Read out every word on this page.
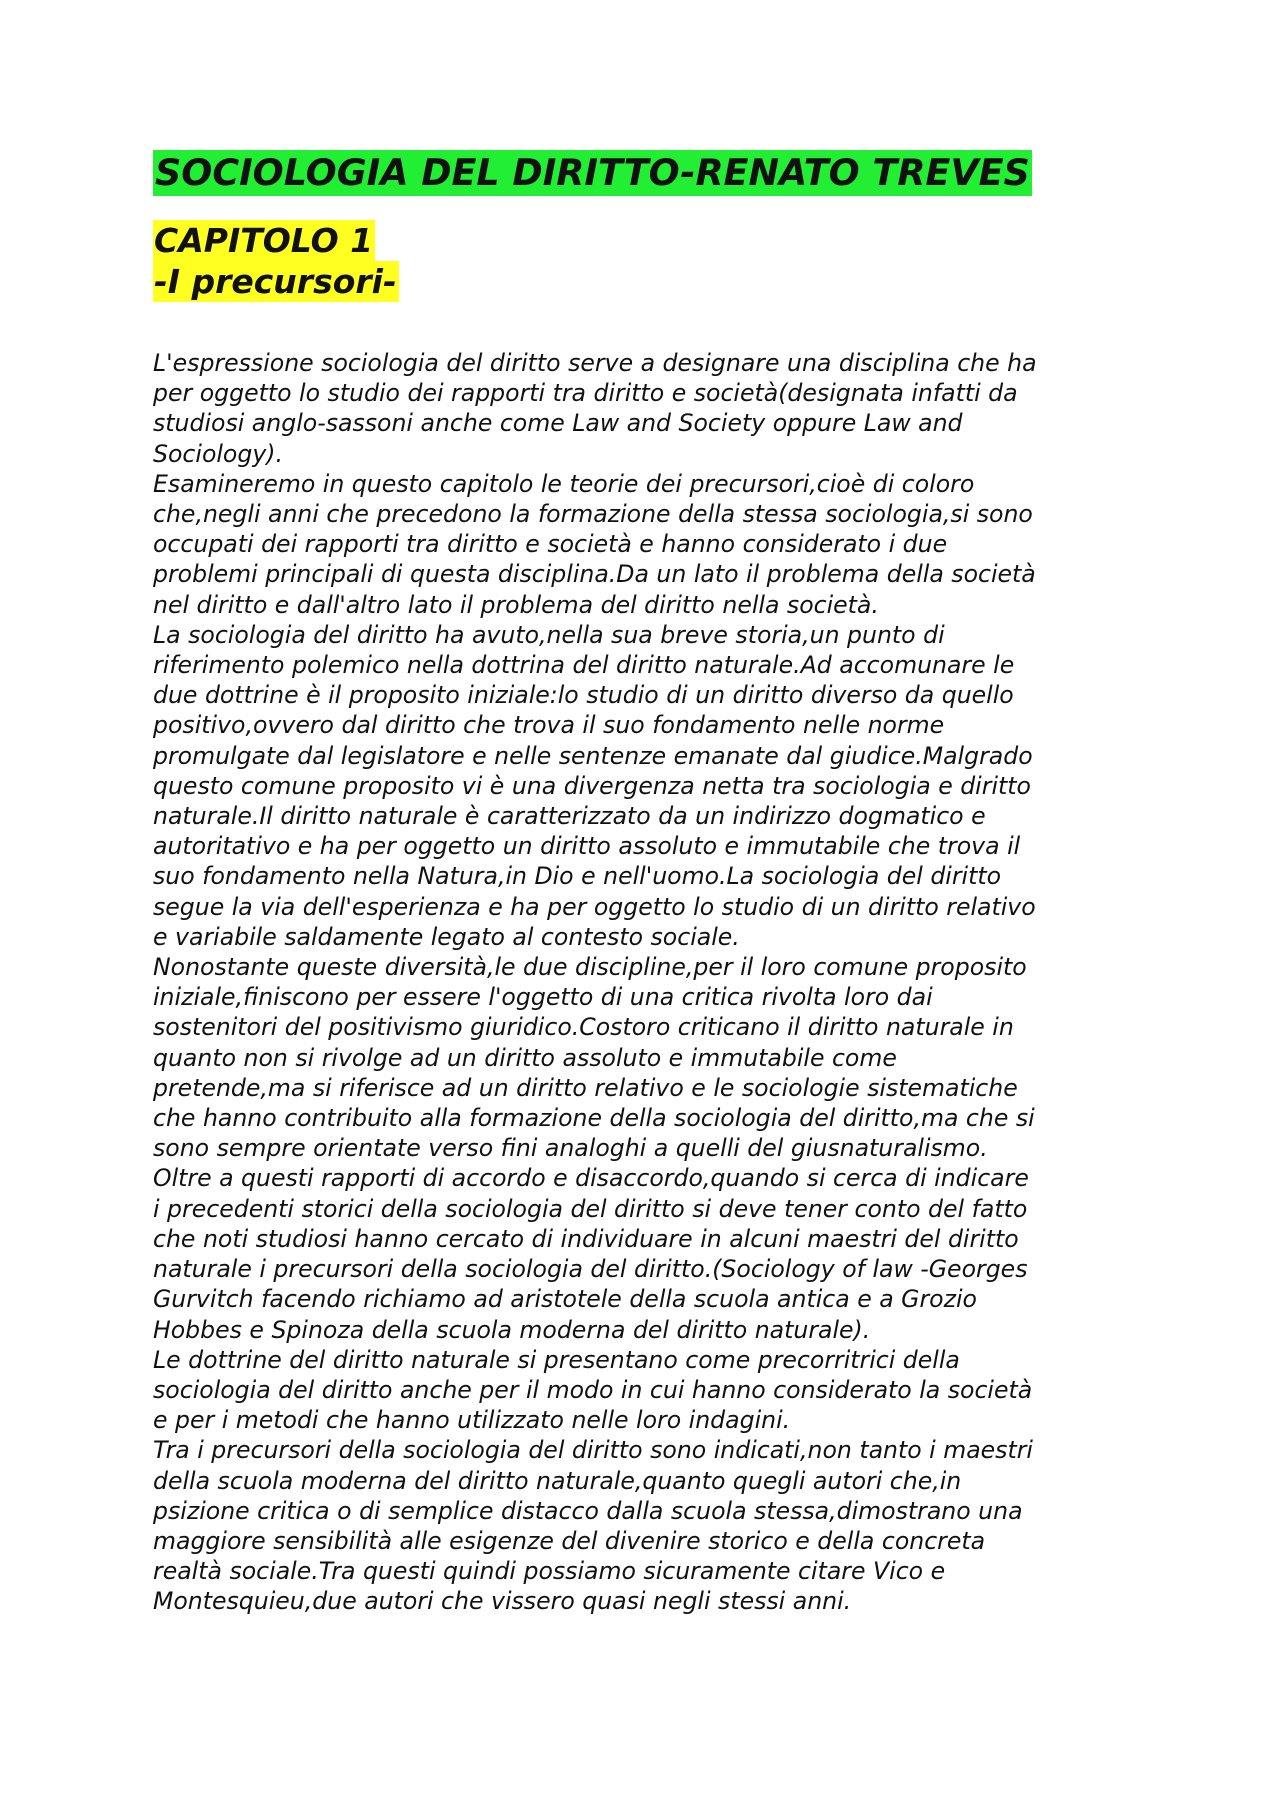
SOCIOLOGIA DEL DIRITTO-RENATO TREVES
CAPITOLO 1
-I precursori-
L'espressione sociologia del diritto serve a designare una disciplina che ha
per oggetto lo studio dei rapporti tra diritto e società(designata infatti da
studiosi anglo-sassoni anche come Law and Society oppure Law and
Sociology).
Esamineremo in questo capitolo le teorie dei precursori,cioè di coloro
che,negli anni che precedono la formazione della stessa sociologia,si sono
occupati dei rapporti tra diritto e società e hanno considerato i due
problemi principali di questa disciplina.Da un lato il problema della società
nel diritto e dall'altro lato il problema del diritto nella società.
La sociologia del diritto ha avuto,nella sua breve storia,un punto di
riferimento polemico nella dottrina del diritto naturale.Ad accomunare le
due dottrine è il proposito iniziale:lo studio di un diritto diverso da quello
positivo,ovvero dal diritto che trova il suo fondamento nelle norme
promulgate dal legislatore e nelle sentenze emanate dal giudice.Malgrado
questo comune proposito vi è una divergenza netta tra sociologia e diritto
naturale.Il diritto naturale è caratterizzato da un indirizzo dogmatico e
autoritativo e ha per oggetto un diritto assoluto e immutabile che trova il
suo fondamento nella Natura,in Dio e nell'uomo.La sociologia del diritto
segue la via dell'esperienza e ha per oggetto lo studio di un diritto relativo
e variabile saldamente legato al contesto sociale.
Nonostante queste diversità,le due discipline,per il loro comune proposito
iniziale,finiscono per essere l'oggetto di una critica rivolta loro dai
sostenitori del positivismo giuridico.Costoro criticano il diritto naturale in
quanto non si rivolge ad un diritto assoluto e immutabile come
pretende,ma si riferisce ad un diritto relativo e le sociologie sistematiche
che hanno contribuito alla formazione della sociologia del diritto,ma che si
sono sempre orientate verso fini analoghi a quelli del giusnaturalismo.
Oltre a questi rapporti di accordo e disaccordo,quando si cerca di indicare
i precedenti storici della sociologia del diritto si deve tener conto del fatto
che noti studiosi hanno cercato di individuare in alcuni maestri del diritto
naturale i precursori della sociologia del diritto.(Sociology of law -Georges
Gurvitch facendo richiamo ad aristotele della scuola antica e a Grozio
Hobbes e Spinoza della scuola moderna del diritto naturale).
Le dottrine del diritto naturale si presentano come precorritrici della
sociologia del diritto anche per il modo in cui hanno considerato la società
e per i metodi che hanno utilizzato nelle loro indagini.
Tra i precursori della sociologia del diritto sono indicati,non tanto i maestri
della scuola moderna del diritto naturale,quanto quegli autori che,in
psizione critica o di semplice distacco dalla scuola stessa,dimostrano una
maggiore sensibilità alle esigenze del divenire storico e della concreta
realtà sociale.Tra questi quindi possiamo sicuramente citare Vico e
Montesquieu,due autori che vissero quasi negli stessi anni.
